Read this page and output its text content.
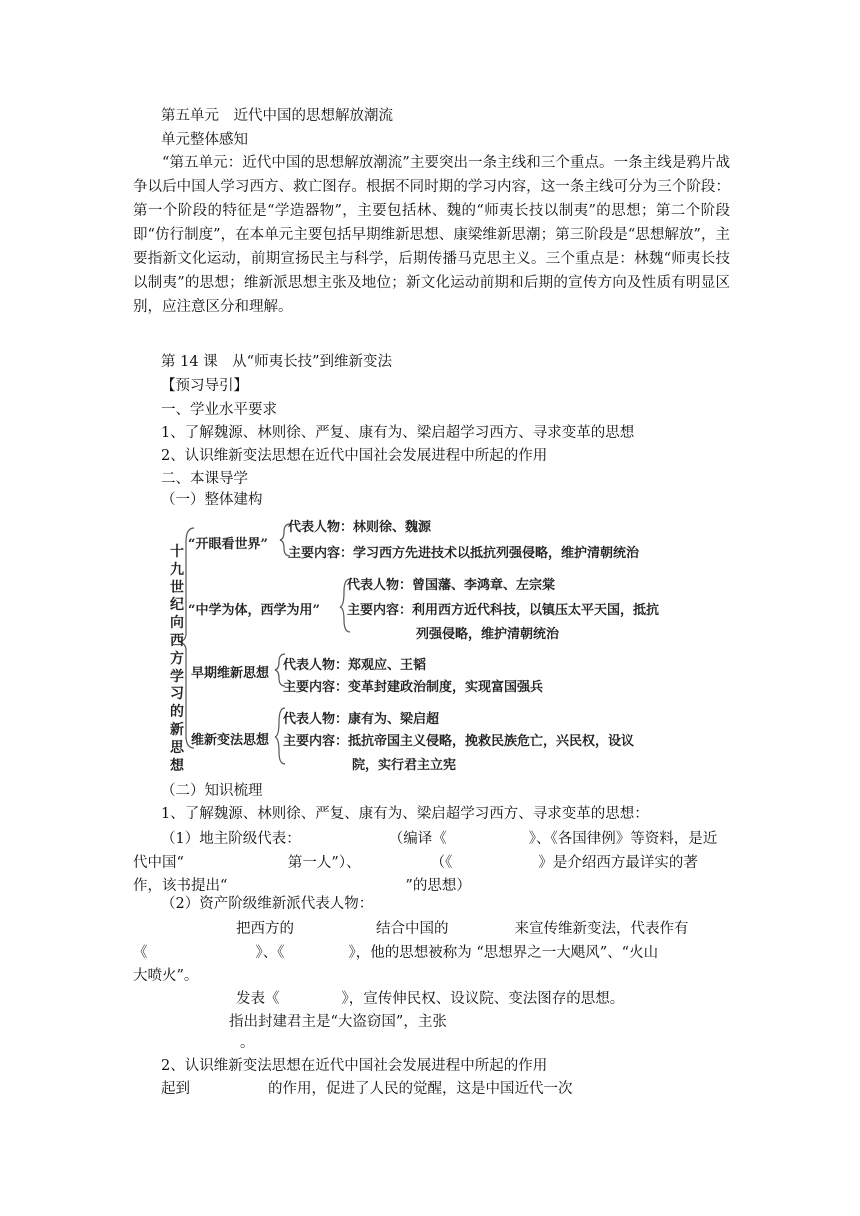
第五单元　近代中国的思想解放潮流
单元整体感知
“第五单元：近代中国的思想解放潮流”主要突出一条主线和三个重点。一条主线是鸦片战争以后中国人学习西方、救亡图存。根据不同时期的学习内容，这一条主线可分为三个阶段：第一个阶段的特征是“学造器物”，主要包括林、魏的“师夷长技以制夷”的思想；第二个阶段即“仿行制度”，在本单元主要包括早期维新思想、康梁维新思潮；第三阶段是“思想解放”，主要指新文化运动，前期宣扬民主与科学，后期传播马克思主义。三个重点是：林魏“师夷长技以制夷”的思想；维新派思想主张及地位；新文化运动前期和后期的宣传方向及性质有明显区别，应注意区分和理解。
第 14 课　从“师夷长技”到维新变法
【预习导引】
一、学业水平要求
1、了解魏源、林则徐、严复、康有为、梁启超学习西方、寻求变革的思想
2、认识维新变法思想在近代中国社会发展进程中所起的作用
二、本课导学
（一）整体建构
十
九
世
纪
向
西
方
学
习
的
新
思
想
“开眼看世界”
代表人物：林则徐、魏源
主要内容：学习西方先进技术以抵抗列强侵略，维护清朝统治
“中学为体，西学为用”
代表人物：曾国藩、李鸿章、左宗棠
主要内容：利用西方近代科技，以镇压太平天国，抵抗
列强侵略，维护清朝统治
早期维新思想
代表人物：郑观应、王韬
主要内容：变革封建政治制度，实现富国强兵
维新变法思想
代表人物：康有为、梁启超
主要内容：抵抗帝国主义侵略，挽救民族危亡，兴民权，设议
院，实行君主立宪
（二）知识梳理
1、了解魏源、林则徐、严复、康有为、梁启超学习西方、寻求变革的思想：
（1）地主阶级代表：	（编译《	》、《各国律例》等资料，是近
代中国“	第一人”）、	（《	》是介绍西方最详实的著
作，该书提出“	”的思想）
（2）资产阶级维新派代表人物：
把西方的	结合中国的	来宣传维新变法，代表作有
《	》、《	》，他的思想被称为 “思想界之一大飓风”、“火山
大喷火”。
发表《	》，宣传伸民权、设议院、变法图存的思想。
指出封建君主是“大盗窃国”，主张
。
2、认识维新变法思想在近代中国社会发展进程中所起的作用
起到	的作用，促进了人民的觉醒，这是中国近代一次
